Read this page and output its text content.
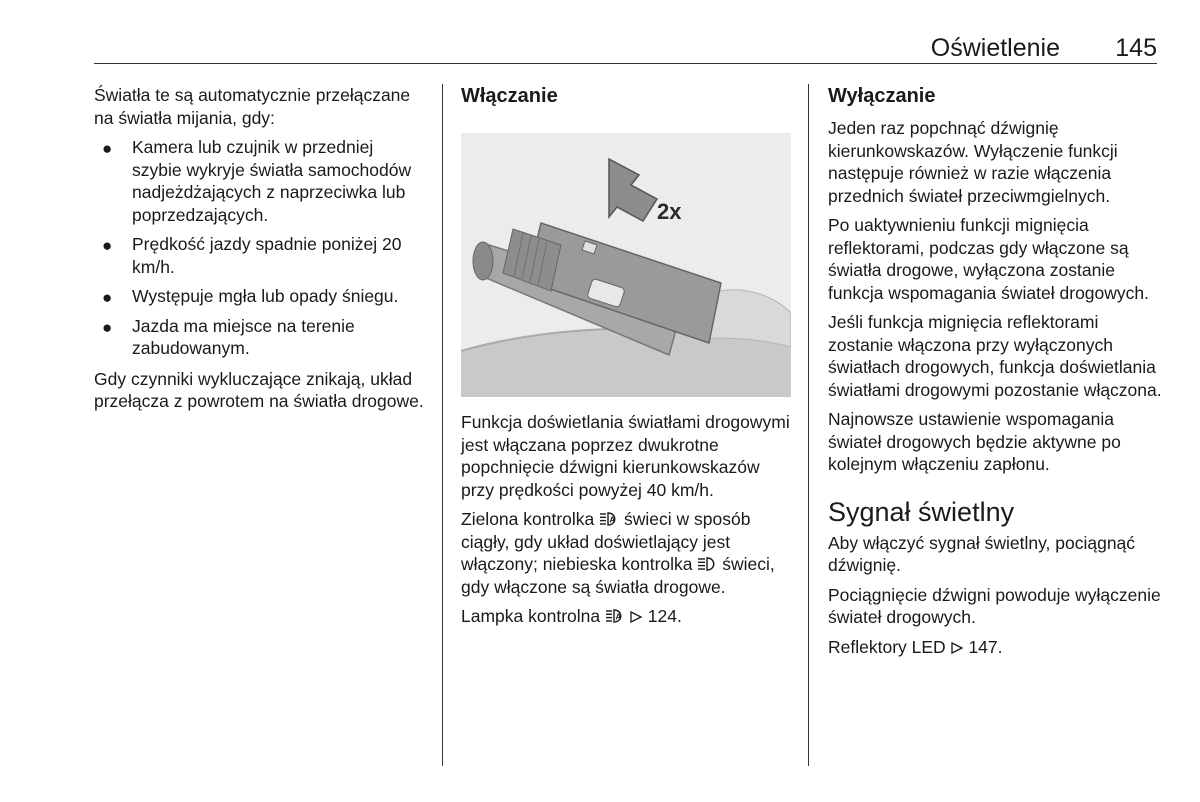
Oświetlenie	145

Światła te są automatycznie przełączane na światła mijania, gdy:

● Kamera lub czujnik w przedniej szybie wykryje światła samochodów nadjeżdżających z naprzeciwka lub poprzedzających.
● Prędkość jazdy spadnie poniżej 20 km/h.
● Występuje mgła lub opady śniegu.
● Jazda ma miejsce na terenie zabudowanym.

Gdy czynniki wykluczające znikają, układ przełącza z powrotem na światła drogowe.

Włączanie
2x

Funkcja doświetlania światłami drogowymi jest włączana poprzez dwukrotne popchnięcie dźwigni kierunkowskazów przy prędkości powyżej 40 km/h.

Zielona kontrolka A świeci w sposób ciągły, gdy układ doświetlający jest włączony; niebieska kontrolka świeci, gdy włączone są światła drogowe.

Lampka kontrolna A 124.

Wyłączanie

Jeden raz popchnąć dźwignię kierunkowskazów. Wyłączenie funkcji następuje również w razie włączenia przednich świateł przeciwmgielnych.

Po uaktywnieniu funkcji mignięcia reflektorami, podczas gdy włączone są światła drogowe, wyłączona zostanie funkcja wspomagania świateł drogowych.

Jeśli funkcja mignięcia reflektorami zostanie włączona przy wyłączonych światłach drogowych, funkcja doświetlania światłami drogowymi pozostanie włączona.

Najnowsze ustawienie wspomagania świateł drogowych będzie aktywne po kolejnym włączeniu zapłonu.

Sygnał świetlny

Aby włączyć sygnał świetlny, pociągnąć dźwignię.

Pociągnięcie dźwigni powoduje wyłączenie świateł drogowych.

Reflektory LED 147.
